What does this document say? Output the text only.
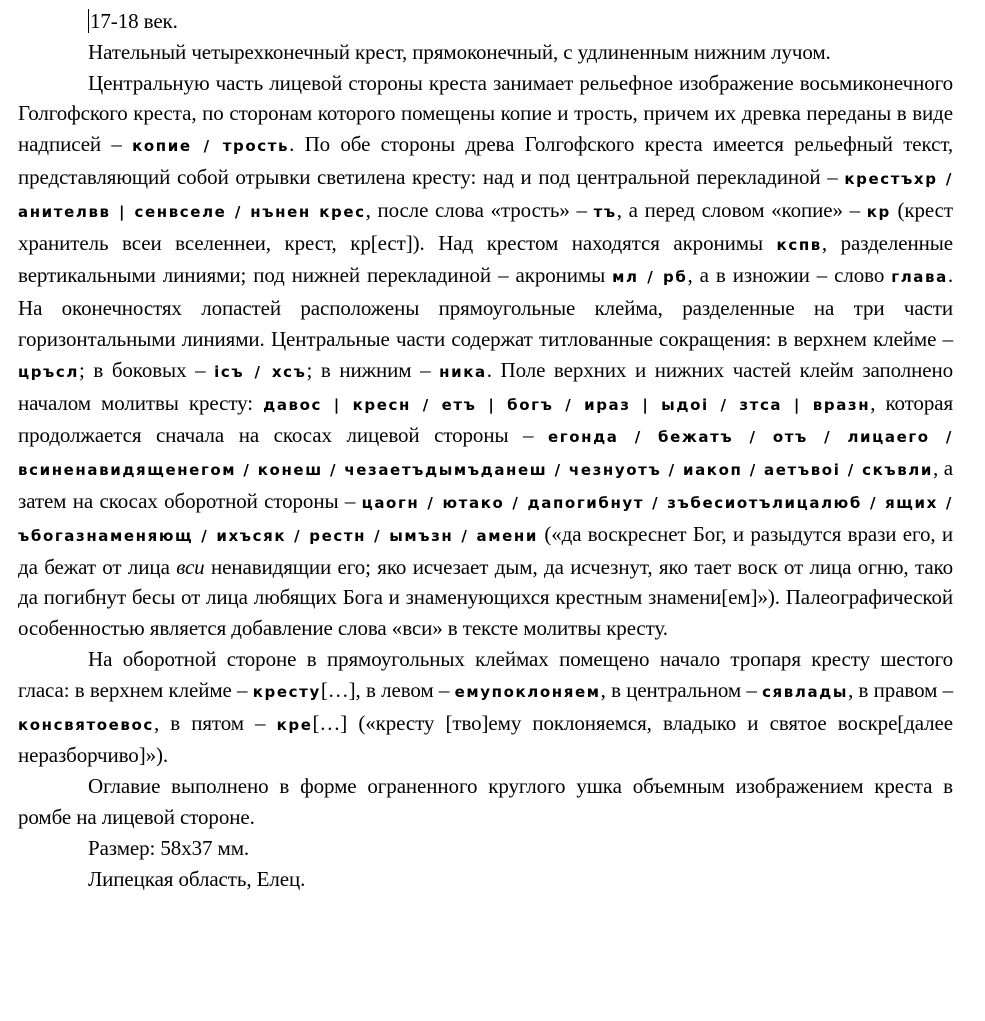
17-18 век.

Нательный четырехконечный крест, прямоконечный, с удлиненным нижним лучом.

Центральную часть лицевой стороны креста занимает рельефное изображение восьмиконечного Голгофского креста, по сторонам которого помещены копие и трость, причем их древка переданы в виде надписей – копие / трость. По обе стороны древа Голгофского креста имеется рельефный текст, представляющий собой отрывки светилена кресту: над и под центральной перекладиной – крестъхр / анителвв | сенвселе / нънен крес, после слова «трость» – тъ, а перед словом «копие» – кр (крест хранитель всеи вселеннеи, крест, кр[ест]). Над крестом находятся акронимы кспв, разделенные вертикальными линиями; под нижней перекладиной – акронимы мл / рб, а в изножии – слово глава. На оконечностях лопастей расположены прямоугольные клейма, разделенные на три части горизонтальными линиями. Центральные части содержат титлованные сокращения: в верхнем клейме – цръсл; в боковых – ісъ / хсъ; в нижним – ника. Поле верхних и нижних частей клейм заполнено началом молитвы кресту: давос | кресн / етъ | богъ / ираз | ыдоі / зтса | вразн, которая продолжается сначала на скосах лицевой стороны – егонда / бежатъ / отъ / лицаего / всиненавидященегом / конеш / чезаетъдымъданеш / чезнуотъ / иакоп / аетъвоі / скъвли, а затем на скосах оборотной стороны – цаогн / ютако / дапогибнут / зъбесиотълицалюб / ящих / ъбогазнаменяющ / ихъсяк / рестн / ымъзн / амени («да воскреснет Бог, и разыдутся врази его, и да бежат от лица вси ненавидящии его; яко исчезает дым, да исчезнут, яко тает воск от лица огню, тако да погибнут бесы от лица любящих Бога и знаменующихся крестным знамени[ем]»). Палеографической особенностью является добавление слова «вси» в тексте молитвы кресту.

На оборотной стороне в прямоугольных клеймах помещено начало тропаря кресту шестого гласа: в верхнем клейме – кресту[…], в левом – емупоклоняем, в центральном – сявлады, в правом – консвятоевос, в пятом – кре[…] («кресту [тво]ему поклоняемся, владыко и святое воскре[далее неразборчиво]»).

Оглавие выполнено в форме ограненного круглого ушка объемным изображением креста в ромбе на лицевой стороне.

Размер: 58х37 мм.

Липецкая область, Елец.
